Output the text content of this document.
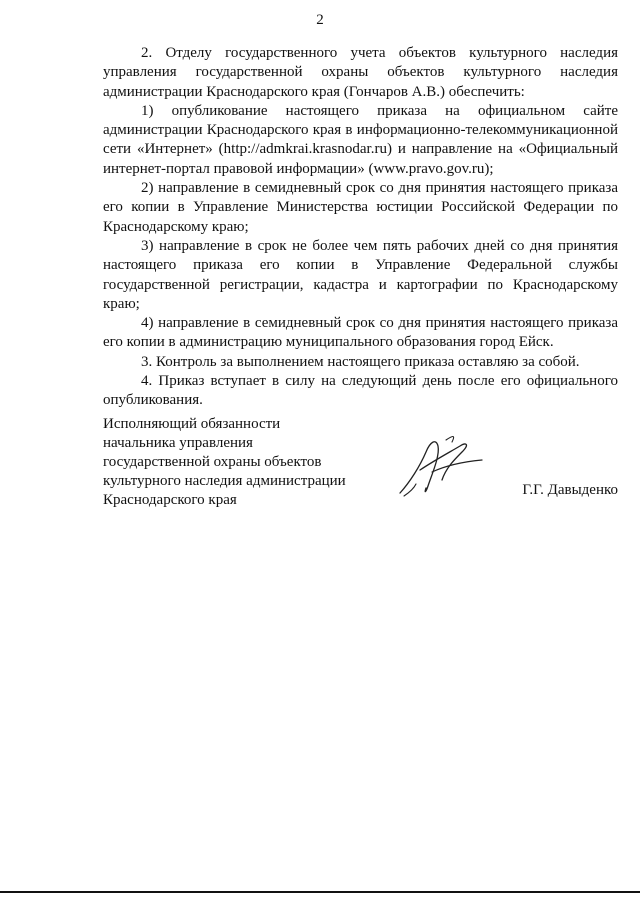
2

2. Отделу государственного учета объектов культурного наследия управления государственной охраны объектов культурного наследия администрации Краснодарского края (Гончаров А.В.) обеспечить:

1) опубликование настоящего приказа на официальном сайте администрации Краснодарского края в информационно-телекоммуникационной сети «Интернет» (http://admkrai.krasnodar.ru) и направление на «Официальный интернет-портал правовой информации» (www.pravo.gov.ru);

2) направление в семидневный срок со дня принятия настоящего приказа его копии в Управление Министерства юстиции Российской Федерации по Краснодарскому краю;

3) направление в срок не более чем пять рабочих дней со дня принятия настоящего приказа его копии в Управление Федеральной службы государственной регистрации, кадастра и картографии по Краснодарскому краю;

4) направление в семидневный срок со дня принятия настоящего приказа его копии в администрацию муниципального образования город Ейск.

3. Контроль за выполнением настоящего приказа оставляю за собой.

4. Приказ вступает в силу на следующий день после его официального опубликования.

Исполняющий обязанности
начальника управления
государственной охраны объектов
культурного наследия администрации
Краснодарского края
Г.Г. Давыденко
